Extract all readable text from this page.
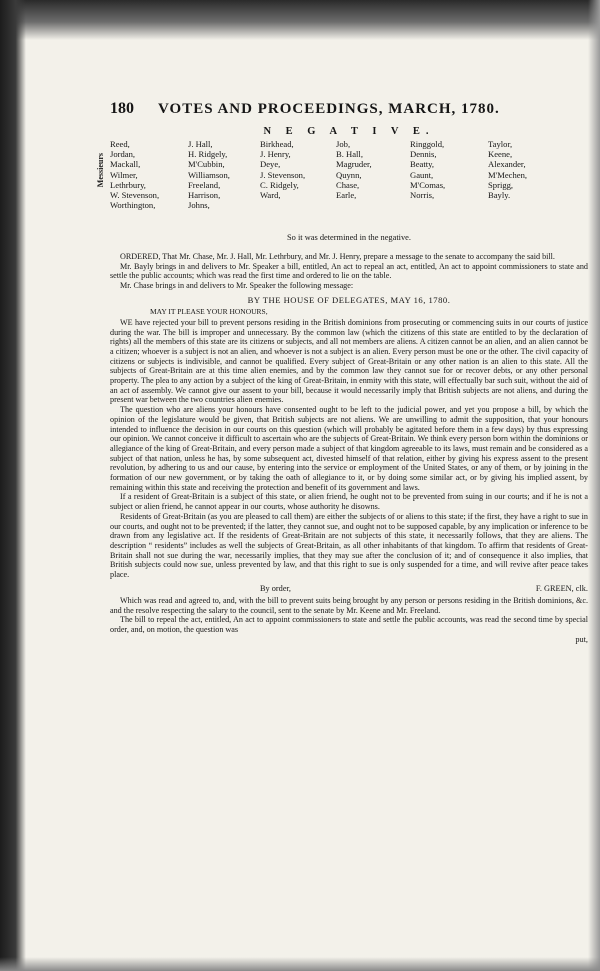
180	VOTES AND PROCEEDINGS, MARCH, 1780.
N E G A T I V E.
Messieurs
Reed,
Jordan,
Mackall,
Wilmer,
Lethrbury,
W. Stevenson,
Worthington,
J. Hall,
H. Ridgely,
M'Cubbin,
Williamson,
Freeland,
Harrison,
Johns,
Birkhead,
J. Henry,
Deye,
J. Stevenson,
C. Ridgely,
Ward,
Job,
B. Hall,
Magruder,
Quynn,
Chase,
Earle,
Ringgold,
Dennis,
Beatty,
Gaunt,
M'Comas,
Norris,
Taylor,
Keene,
Alexander,
M'Mechen,
Sprigg,
Bayly.
So it was determined in the negative.

ORDERED, That Mr. Chase, Mr. J. Hall, Mr. Lethrbury, and Mr. J. Henry, prepare a message to the senate to accompany the said bill.

Mr. Bayly brings in and delivers to Mr. Speaker a bill, entitled, An act to repeal an act, entitled, An act to appoint commissioners to state and settle the public accounts; which was read the first time and ordered to lie on the table.

Mr. Chase brings in and delivers to Mr. Speaker the following message:

BY THE HOUSE OF DELEGATES, MAY 16, 1780.
MAY IT PLEASE YOUR HONOURS,

WE have rejected your bill to prevent persons residing in the British dominions from prosecuting or commencing suits in our courts of justice during the war. The bill is improper and unnecessary. By the common law (which the citizens of this state are entitled to by the declaration of rights) all the members of this state are its citizens or subjects, and all not members are aliens. A citizen cannot be an alien, and an alien cannot be a citizen; whoever is a subject is not an alien, and whoever is not a subject is an alien. Every person must be one or the other. The civil capacity of citizens or subjects is indivisible, and cannot be qualified. Every subject of Great-Britain or any other nation is an alien to this state. All the subjects of Great-Britain are at this time alien enemies, and by the common law they cannot sue for or recover debts, or any other personal property. The plea to any action by a subject of the king of Great-Britain, in enmity with this state, will effectually bar such suit, without the aid of an act of assembly. We cannot give our assent to your bill, because it would necessarily imply that British subjects are not aliens, and during the present war between the two countries alien enemies.

The question who are aliens your honours have consented ought to be left to the judicial power, and yet you propose a bill, by which the opinion of the legislature would be given, that British subjects are not aliens. We are unwilling to admit the supposition, that your honours intended to influence the decision in our courts on this question (which will probably be agitated before them in a few days) by thus expressing our opinion. We cannot conceive it difficult to ascertain who are the subjects of Great-Britain. We think every person born within the dominions or allegiance of the king of Great-Britain, and every person made a subject of that kingdom agreeable to its laws, must remain and be considered as a subject of that nation, unless he has, by some subsequent act, divested himself of that relation, either by giving his express assent to the present revolution, by adhering to us and our cause, by entering into the service or employment of the United States, or any of them, or by joining in the formation of our new government, or by taking the oath of allegiance to it, or by doing some similar act, or by giving his implied assent, by remaining within this state and receiving the protection and benefit of its government and laws.

If a resident of Great-Britain is a subject of this state, or alien friend, he ought not to be prevented from suing in our courts; and if he is not a subject or alien friend, he cannot appear in our courts, whose authority he disowns.

Residents of Great-Britain (as you are pleased to call them) are either the subjects of or aliens to this state; if the first, they have a right to sue in our courts, and ought not to be prevented; if the latter, they cannot sue, and ought not to be supposed capable, by any implication or inference to be drawn from any legislative act. If the residents of Great-Britain are not subjects of this state, it necessarily follows, that they are aliens. The description “ residents” includes as well the subjects of Great-Britain, as all other inhabitants of that kingdom. To affirm that residents of Great-Britain shall not sue during the war, necessarily implies, that they may sue after the conclusion of it; and of consequence it also implies, that British subjects could now sue, unless prevented by law, and that this right to sue is only suspended for a time, and will revive after peace takes place.

By order,	F. GREEN, clk.

Which was read and agreed to, and, with the bill to prevent suits being brought by any person or persons residing in the British dominions, &c. and the resolve respecting the salary to the council, sent to the senate by Mr. Keene and Mr. Freeland.

The bill to repeal the act, entitled, An act to appoint commissioners to state and settle the public accounts, was read the second time by special order, and, on motion, the question was

put,
